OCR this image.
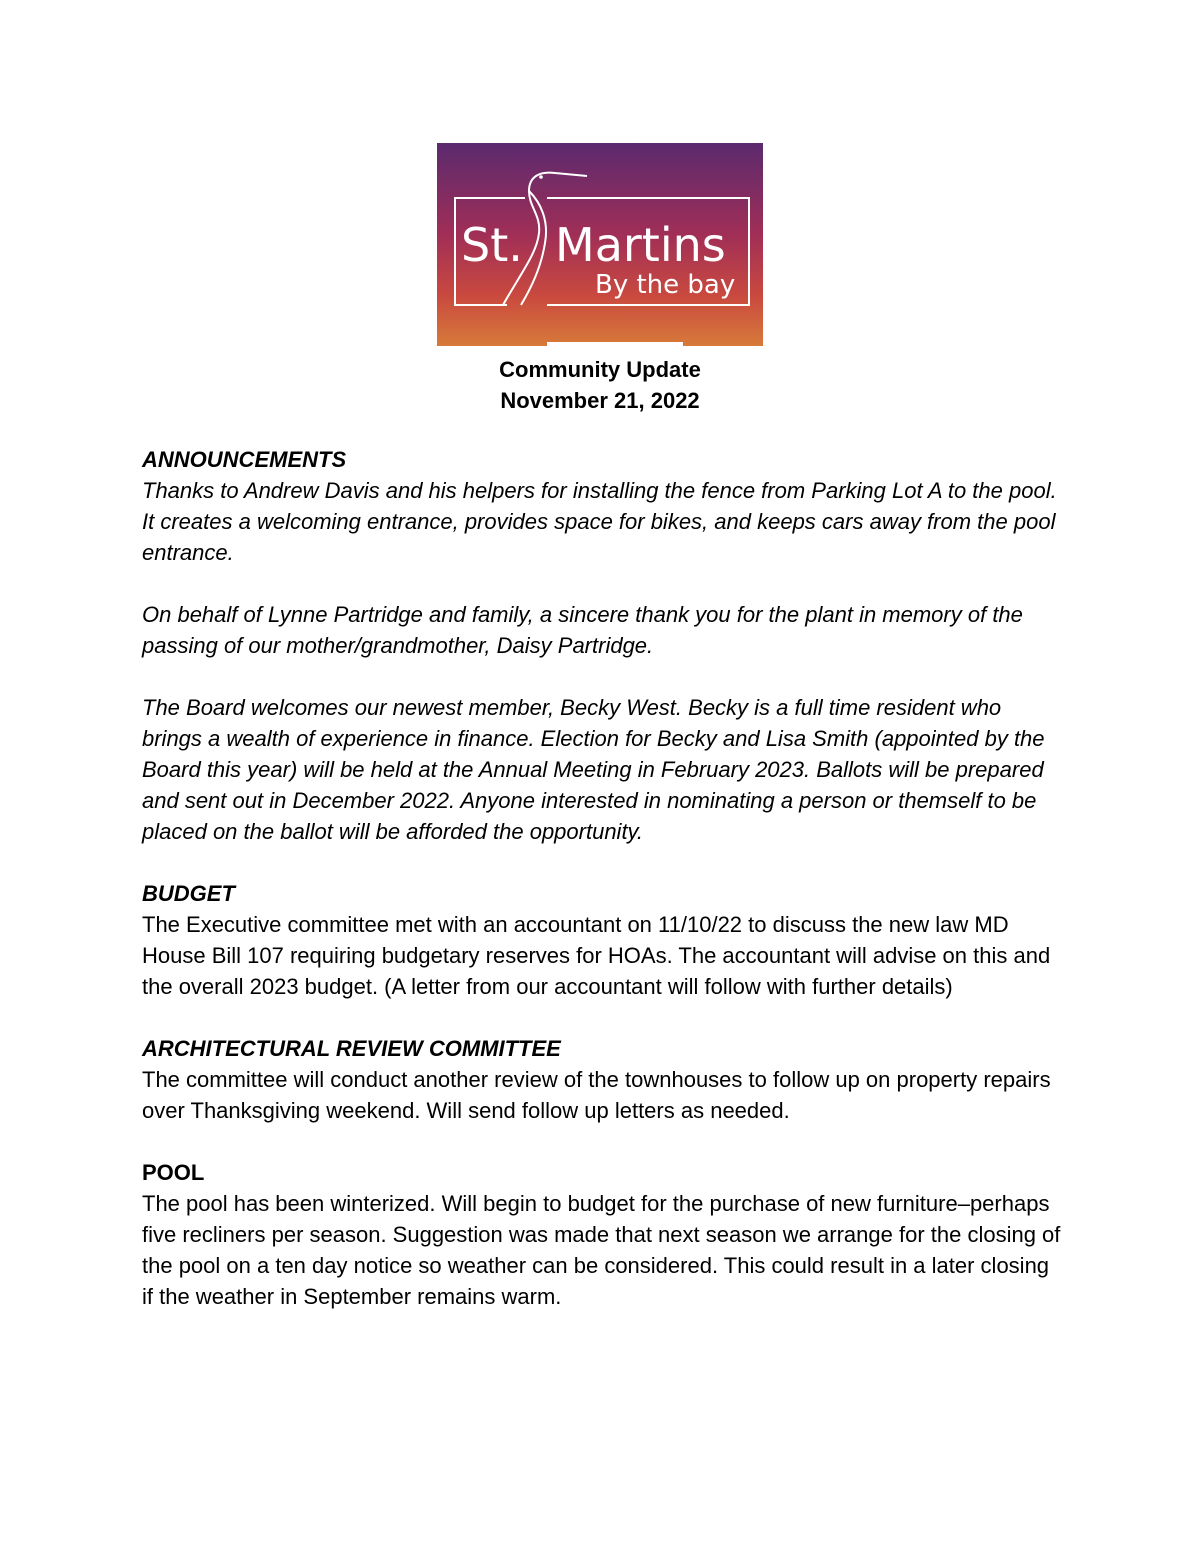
St. Martins
By the bay
Community Update
November 21, 2022

ANNOUNCEMENTS

Thanks to Andrew Davis and his helpers for installing the fence from Parking Lot A to the pool. It creates a welcoming entrance, provides space for bikes, and keeps cars away from the pool entrance.

On behalf of Lynne Partridge and family, a sincere thank you for the plant in memory of the passing of our mother/grandmother, Daisy Partridge.

The Board welcomes our newest member, Becky West. Becky is a full time resident who brings a wealth of experience in finance. Election for Becky and Lisa Smith (appointed by the Board this year) will be held at the Annual Meeting in February 2023. Ballots will be prepared and sent out in December 2022. Anyone interested in nominating a person or themself to be placed on the ballot will be afforded the opportunity.

BUDGET

The Executive committee met with an accountant on 11/10/22 to discuss the new law MD House Bill 107 requiring budgetary reserves for HOAs. The accountant will advise on this and the overall 2023 budget. (A letter from our accountant will follow with further details)

ARCHITECTURAL REVIEW COMMITTEE

The committee will conduct another review of the townhouses to follow up on property repairs over Thanksgiving weekend. Will send follow up letters as needed.

POOL

The pool has been winterized. Will begin to budget for the purchase of new furniture–perhaps five recliners per season. Suggestion was made that next season we arrange for the closing of the pool on a ten day notice so weather can be considered. This could result in a later closing if the weather in September remains warm.
